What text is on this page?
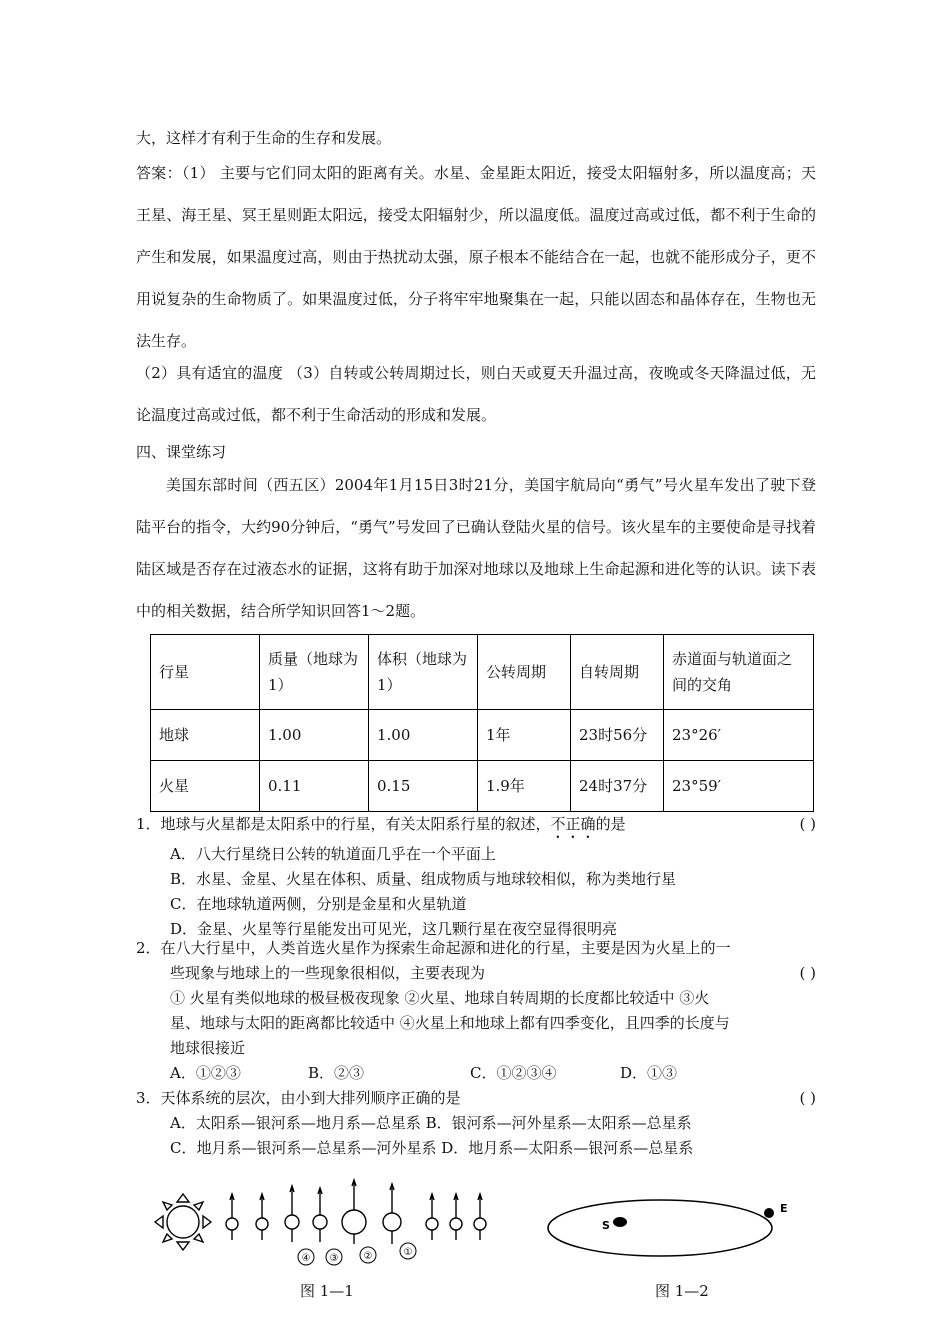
大，这样才有利于生命的生存和发展。
答案：（1） 主要与它们同太阳的距离有关。水星、金星距太阳近，接受太阳辐射多，所以温度高；天王星、海王星、冥王星则距太阳远，接受太阳辐射少，所以温度低。温度过高或过低，都不利于生命的产生和发展，如果温度过高，则由于热扰动太强，原子根本不能结合在一起，也就不能形成分子，更不用说复杂的生命物质了。如果温度过低，分子将牢牢地聚集在一起，只能以固态和晶体存在，生物也无法生存。
（2）具有适宜的温度 （3）自转或公转周期过长，则白天或夏天升温过高，夜晚或冬天降温过低，无论温度过高或过低，都不利于生命活动的形成和发展。
四、课堂练习
美国东部时间（西五区）2004年1月15日3时21分，美国宇航局向“勇气”号火星车发出了驶下登陆平台的指令，大约90分钟后，“勇气”号发回了已确认登陆火星的信号。该火星车的主要使命是寻找着陆区域是否存在过液态水的证据，这将有助于加深对地球以及地球上生命起源和进化等的认识。读下表中的相关数据，结合所学知识回答1～2题。
行星	质量（地球为1）	体积（地球为1）	公转周期	自转周期	赤道面与轨道面之间的交角
地球	1.00	1.00	1年	23时56分	23°26′
火星	0.11	0.15	1.9年	24时37分	23°59′
1．地球与火星都是太阳系中的行星，有关太阳系行星的叙述，不正确的是	( )
A．八大行星绕日公转的轨道面几乎在一个平面上
B．水星、金星、火星在体积、质量、组成物质与地球较相似，称为类地行星
C．在地球轨道两侧，分别是金星和火星轨道
D．金星、火星等行星能发出可见光，这几颗行星在夜空显得很明亮
2．在八大行星中，人类首选火星作为探索生命起源和进化的行星，主要是因为火星上的一
些现象与地球上的一些现象很相似，主要表现为	( )
① 火星有类似地球的极昼极夜现象 ②火星、地球自转周期的长度都比较适中 ③火
星、地球与太阳的距离都比较适中 ④火星上和地球上都有四季变化，且四季的长度与
地球很接近
A．①②③	B．②③	C．①②③④	D．①③
3．天体系统的层次，由小到大排列顺序正确的是	( )
A．太阳系—银河系—地月系—总星系 B．银河系—河外星系—太阳系—总星系
C．地月系—银河系—总星系—河外星系 D．地月系—太阳系—银河系—总星系
④ ③	②	①
图 1—1
S
E
图 1—2
